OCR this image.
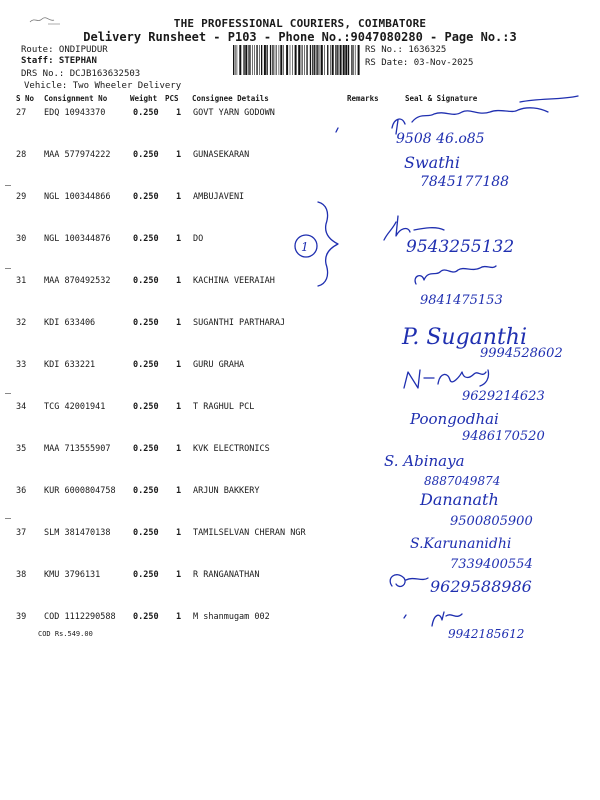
THE PROFESSIONAL COURIERS, COIMBATORE
Delivery Runsheet - P103 - Phone No.:9047080280 - Page No.:3
Route: ONDIPUDUR
Staff: STEPHAN
DRS No.: DCJB163632503
Vehicle: Two Wheeler Delivery
RS No.: 1636325
RS Date: 03-Nov-2025
S No Consignment No	Weight PCS Consignee Details	Remarks	Seal & Signature
27 EDQ 10943370	0.250 1 GOVT YARN GODOWN
28 MAA 577974222	0.250 1 GUNASEKARAN
29 NGL 100344866	0.250 1 AMBUJAVENI
30 NGL 100344876	0.250 1 DO
31 MAA 870492532	0.250 1 KACHINA VEERAIAH
32 KDI 633406	0.250 1 SUGANTHI PARTHARAJ
33 KDI 633221	0.250 1 GURU GRAHA
34 TCG 42001941	0.250 1 T RAGHUL PCL
35 MAA 713555907	0.250 1 KVK ELECTRONICS
36 KUR 6000804758 0.250 1 ARJUN BAKKERY
37 SLM 381470138	0.250 1 TAMILSELVAN CHERAN NGR
38 KMU 3796131	0.250 1 R RANGANATHAN
39 COD 1112290588 0.250 1 M shanmugam 002
COD Rs.549.00
9508 46.o85
Swathi
7845177188
1	9543255132
9841475153
P. Suganthi
9994528602
9629214623
Poongodhai
9486170520
S. Abinaya
8887049874
Dananath
9500805900
S.Karunanidhi
7339400554
9629588986
9942185612
